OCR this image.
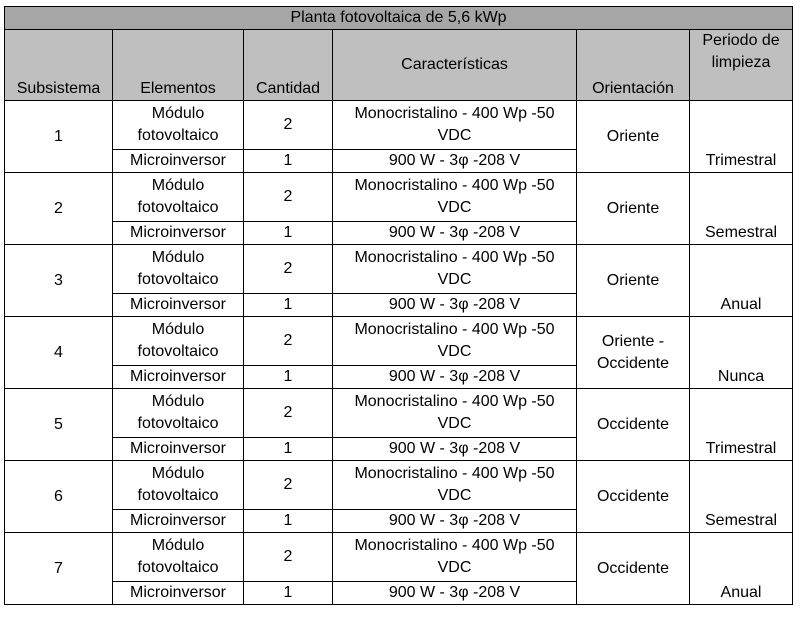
Planta fotovoltaica de 5,6 kWp					
Subsistema	Elementos	Cantidad	Características	Orientación	Periodo de limpieza
1	Módulo fotovoltaico	2	Monocristalino - 400 Wp -50 VDC	Oriente	Trimestral
	Microinversor	1	900 W - 3φ -208 V		
2	Módulo fotovoltaico	2	Monocristalino - 400 Wp -50 VDC	Oriente	Semestral
	Microinversor	1	900 W - 3φ -208 V		
3	Módulo fotovoltaico	2	Monocristalino - 400 Wp -50 VDC	Oriente	Anual
	Microinversor	1	900 W - 3φ -208 V		
4	Módulo fotovoltaico	2	Monocristalino - 400 Wp -50 VDC	Oriente - Occidente	Nunca
	Microinversor	1	900 W - 3φ -208 V		
5	Módulo fotovoltaico	2	Monocristalino - 400 Wp -50 VDC	Occidente	Trimestral
	Microinversor	1	900 W - 3φ -208 V		
6	Módulo fotovoltaico	2	Monocristalino - 400 Wp -50 VDC	Occidente	Semestral
	Microinversor	1	900 W - 3φ -208 V		
7	Módulo fotovoltaico	2	Monocristalino - 400 Wp -50 VDC	Occidente	Anual
	Microinversor	1	900 W - 3φ -208 V		
